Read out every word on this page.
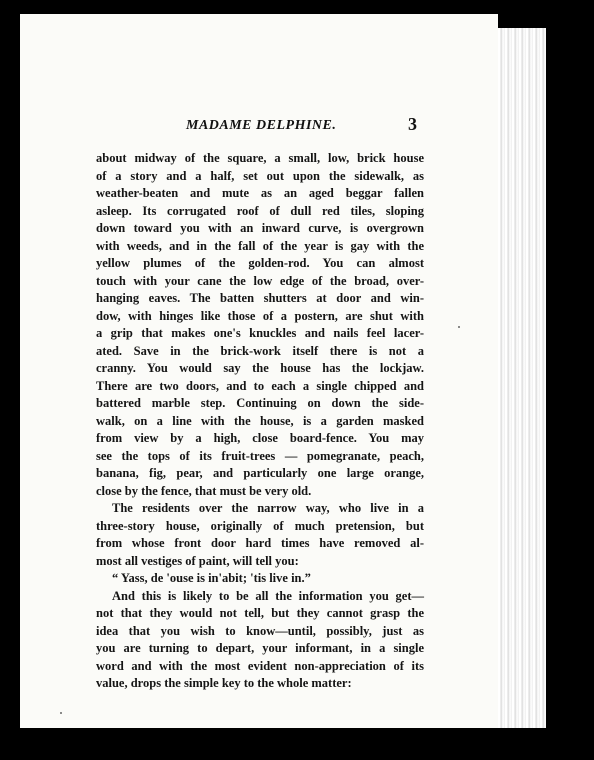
MADAME DELPHINE.	3
about midway of the square, a small, low, brick house
of a story and a half, set out upon the sidewalk, as
weather-beaten and mute as an aged beggar fallen
asleep. Its corrugated roof of dull red tiles, sloping
down toward you with an inward curve, is overgrown
with weeds, and in the fall of the year is gay with the
yellow plumes of the golden-rod. You can almost
touch with your cane the low edge of the broad, over-
hanging eaves. The batten shutters at door and win-
dow, with hinges like those of a postern, are shut with
a grip that makes one's knuckles and nails feel lacer-
ated. Save in the brick-work itself there is not a
cranny. You would say the house has the lockjaw.
There are two doors, and to each a single chipped and
battered marble step. Continuing on down the side-
walk, on a line with the house, is a garden masked
from view by a high, close board-fence. You may
see the tops of its fruit-trees — pomegranate, peach,
banana, fig, pear, and particularly one large orange,
close by the fence, that must be very old.
The residents over the narrow way, who live in a
three-story house, originally of much pretension, but
from whose front door hard times have removed al-
most all vestiges of paint, will tell you:
“ Yass, de 'ouse is in'abit; 'tis live in.”
And this is likely to be all the information you get—
not that they would not tell, but they cannot grasp the
idea that you wish to know—until, possibly, just as
you are turning to depart, your informant, in a single
word and with the most evident non-appreciation of its
value, drops the simple key to the whole matter:
